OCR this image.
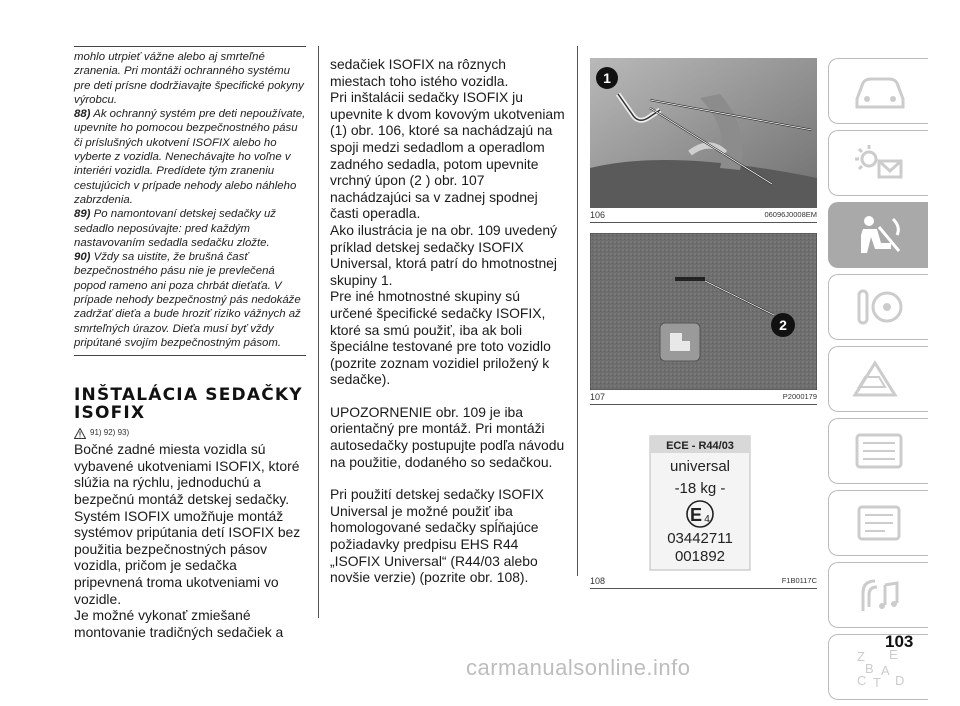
mohlo utrpieť vážne alebo aj smrteľné zranenia. Pri montáži ochranného systému pre deti prísne dodržiavajte špecifické pokyny výrobcu.

88) Ak ochranný systém pre deti nepoužívate, upevnite ho pomocou bezpečnostného pásu či príslušných ukotvení ISOFIX alebo ho vyberte z vozidla. Nenechávajte ho voľne v interiéri vozidla. Predídete tým zraneniu cestujúcich v prípade nehody alebo náhleho zabrzdenia.

89) Po namontovaní detskej sedačky už sedadlo neposúvajte: pred každým nastavovaním sedadla sedačku zložte.

90) Vždy sa uistite, že brušná časť bezpečnostného pásu nie je prevlečená popod rameno ani poza chrbát dieťaťa. V prípade nehody bezpečnostný pás nedokáže zadržať dieťa a bude hroziť riziko vážnych až smrteľných úrazov. Dieťa musí byť vždy pripútané svojím bezpečnostným pásom.

INŠTALÁCIA SEDAČKY ISOFIX
91) 92) 93)

Bočné zadné miesta vozidla sú vybavené ukotveniami ISOFIX, ktoré slúžia na rýchlu, jednoduchú a bezpečnú montáž detskej sedačky. Systém ISOFIX umožňuje montáž systémov pripútania detí ISOFIX bez použitia bezpečnostných pásov vozidla, pričom je sedačka pripevnená troma ukotveniami vo vozidle.

Je možné vykonať zmiešané montovanie tradičných sedačiek a

sedačiek ISOFIX na rôznych miestach toho istého vozidla.

Pri inštalácii sedačky ISOFIX ju upevnite k dvom kovovým ukotveniam (1) obr. 106, ktoré sa nachádzajú na spoji medzi sedadlom a operadlom zadného sedadla, potom upevnite vrchný úpon (2 ) obr. 107 nachádzajúci sa v zadnej spodnej časti operadla.

Ako ilustrácia je na obr. 109 uvedený príklad detskej sedačky ISOFIX Universal, ktorá patrí do hmotnostnej skupiny 1.

Pre iné hmotnostné skupiny sú určené špecifické sedačky ISOFIX, ktoré sa smú použiť, iba ak boli špeciálne testované pre toto vozidlo (pozrite zoznam vozidiel priložený k sedačke).

UPOZORNENIE obr. 109 je iba orientačný pre montáž. Pri montáži autosedačky postupujte podľa návodu na použitie, dodaného so sedačkou.

Pri použití detskej sedačky ISOFIX Universal je možné použiť iba homologované sedačky spĺňajúce požiadavky predpisu EHS R44 „ISOFIX Universal“ (R44/03 alebo novšie verzie) (pozrite obr. 108).

1
106	06096J0008EM
2
107	P2000179
ECE - R44/03
universal
-18 kg -
E 4
03442711
001892
108	F1B0117C
Z E
B A
C T D
103
carmanualsonline.info
